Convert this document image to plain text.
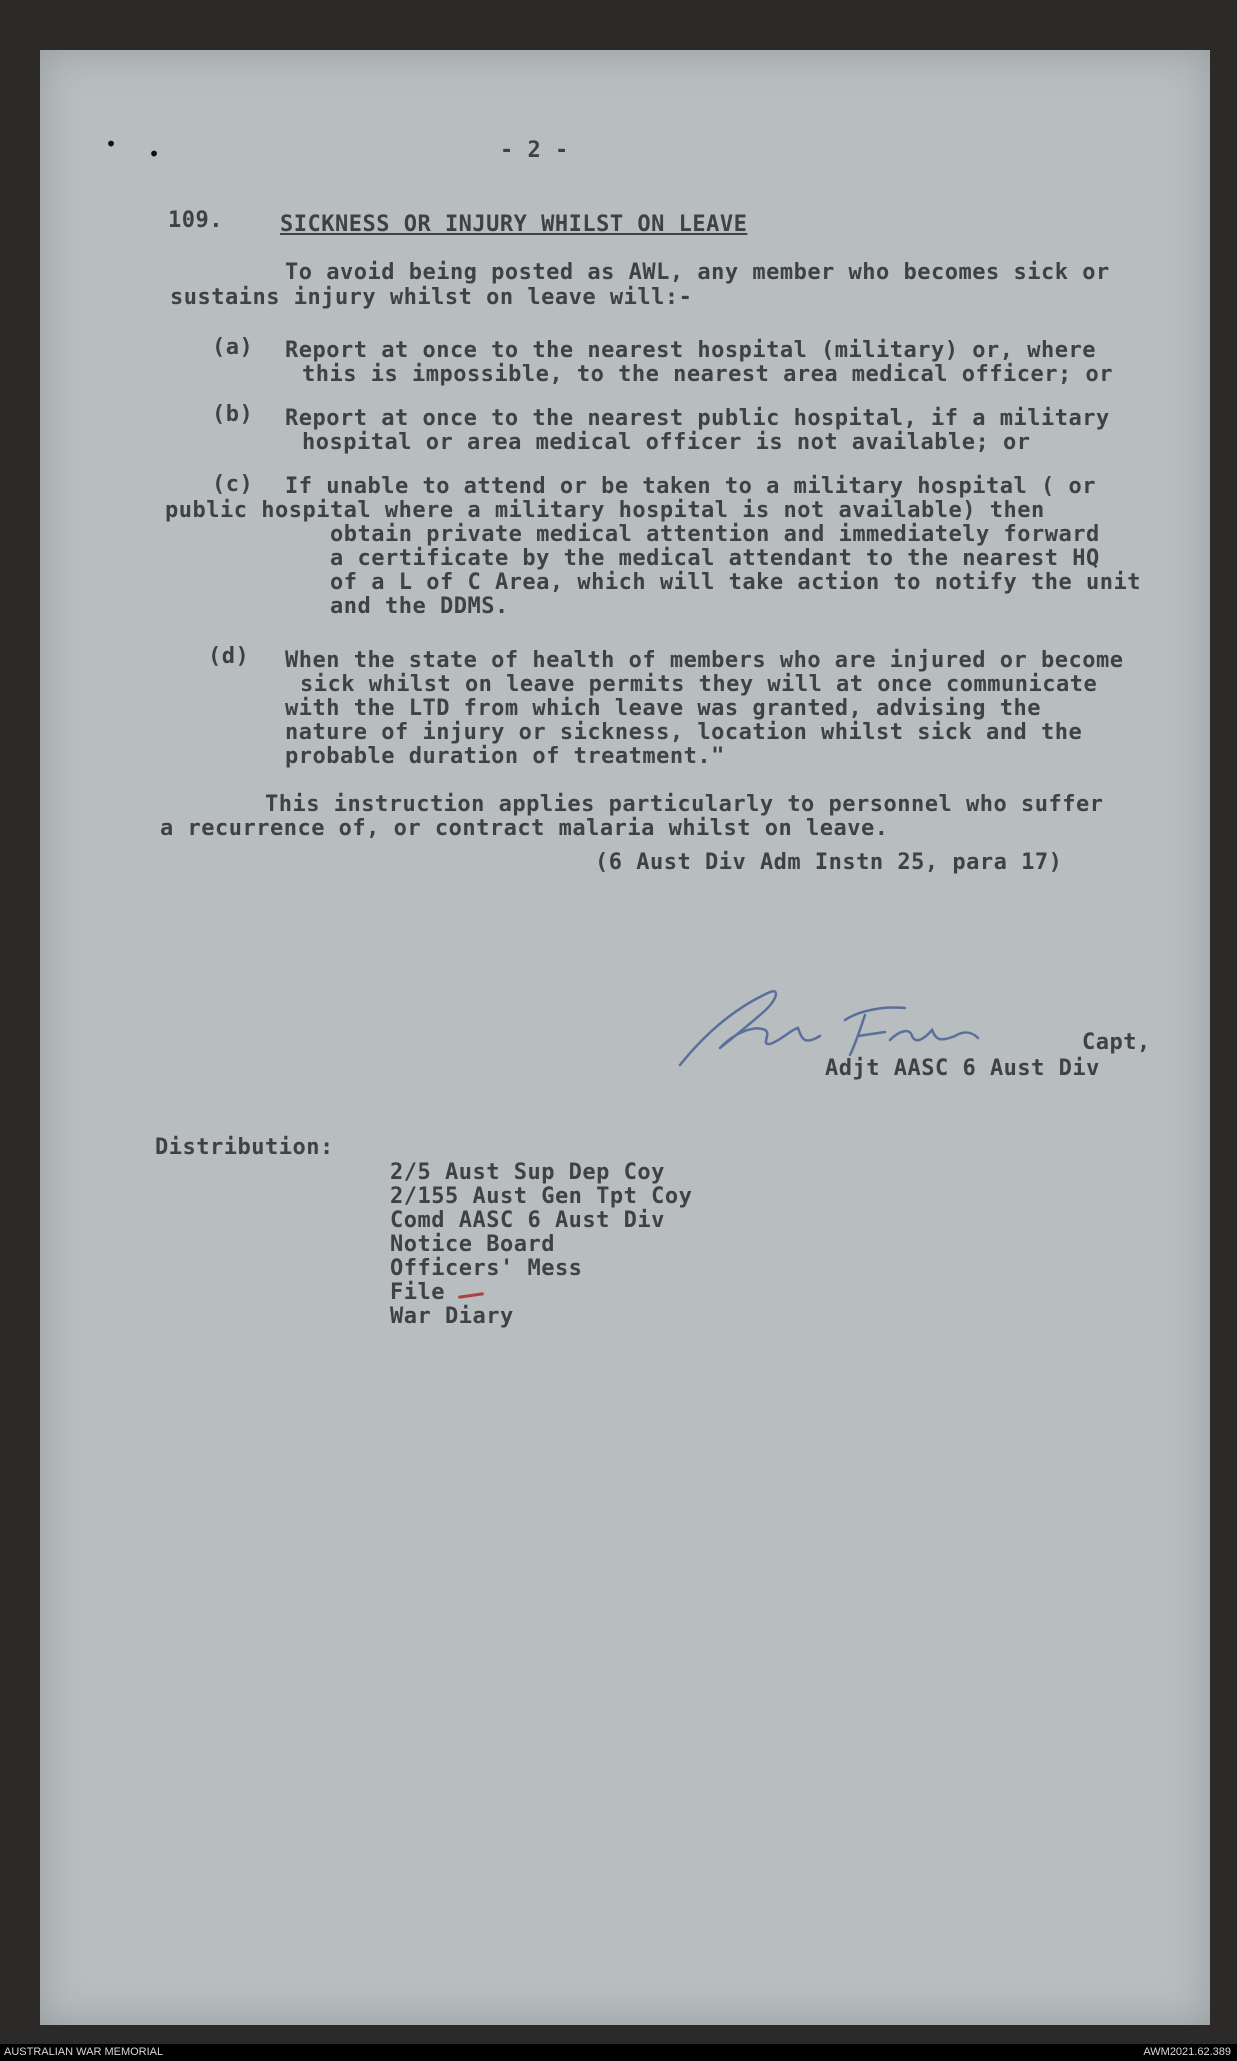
• •	- 2 -
109.	SICKNESS OR INJURY WHILST ON LEAVE
To avoid being posted as AWL, any member who becomes sick or
sustains injury whilst on leave will:-
(a) Report at once to the nearest hospital (military) or, where
this is impossible, to the nearest area medical officer; or
(b) Report at once to the nearest public hospital, if a military
hospital or area medical officer is not available; or
(c) If unable to attend or be taken to a military hospital ( or
public hospital where a military hospital is not available) then
obtain private medical attention and immediately forward
a certificate by the medical attendant to the nearest HQ
of a L of C Area, which will take action to notify the unit
and the DDMS.
(d) When the state of health of members who are injured or become
sick whilst on leave permits they will at once communicate
with the LTD from which leave was granted, advising the
nature of injury or sickness, location whilst sick and the
probable duration of treatment."
This instruction applies particularly to personnel who suffer
a recurrence of, or contract malaria whilst on leave.
(6 Aust Div Adm Instn 25, para 17)
Capt,
Adjt AASC 6 Aust Div
Distribution:
2/5 Aust Sup Dep Coy
2/155 Aust Gen Tpt Coy
Comd AASC 6 Aust Div
Notice Board
Officers' Mess
File
War Diary
AUSTRALIAN WAR MEMORIAL	AWM2021.62.389
